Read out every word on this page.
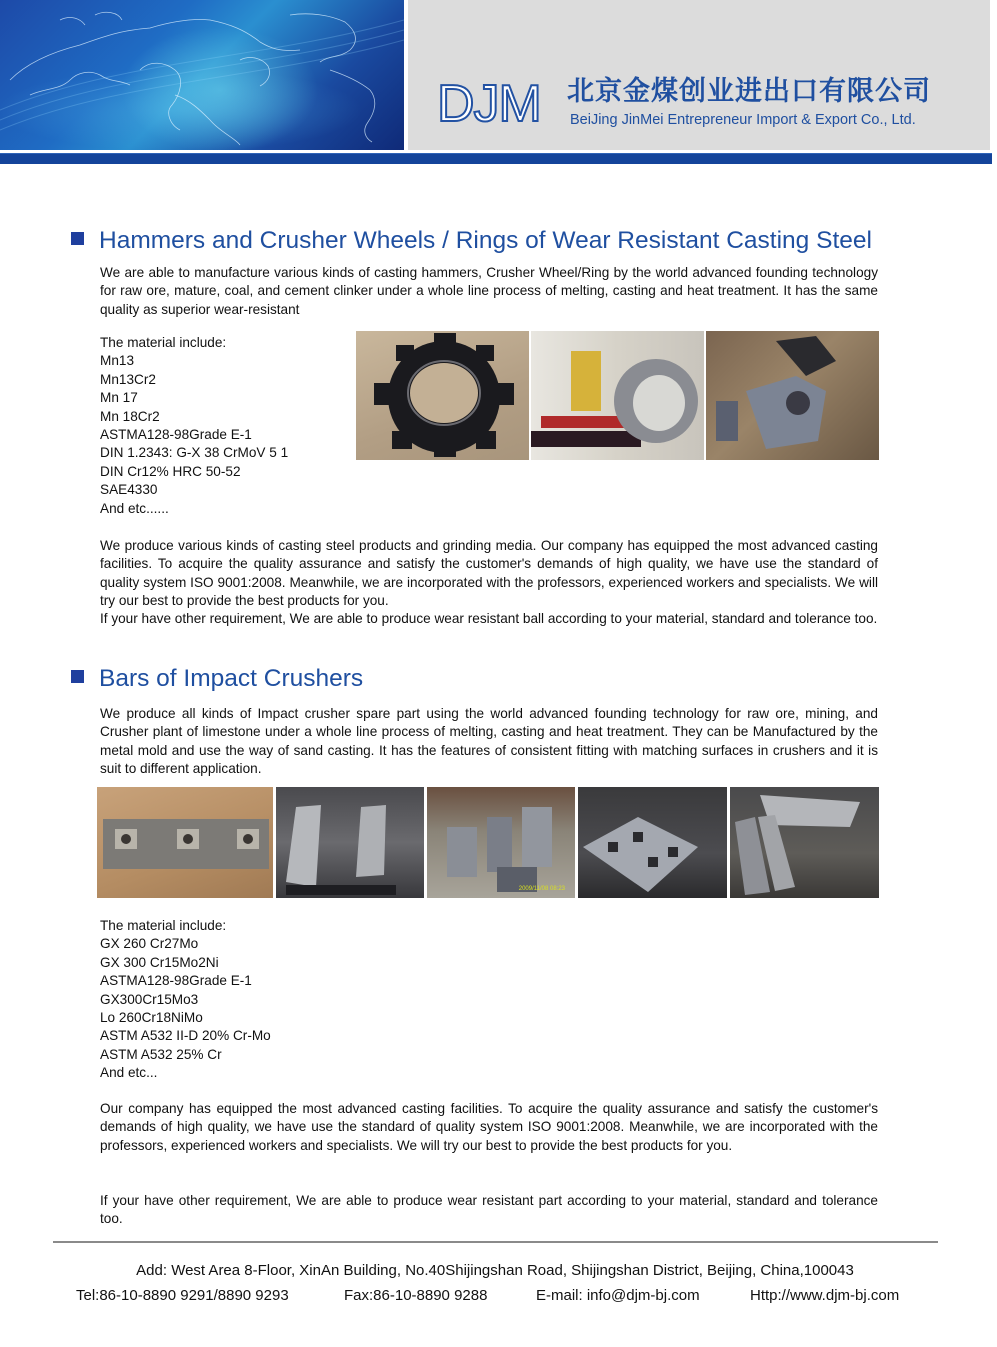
DJM 北京金煤创业进出口有限公司
BeiJing JinMei Entrepreneur Import & Export Co., Ltd.
Hammers and Crusher Wheels / Rings of Wear Resistant Casting Steel
We are able to manufacture various kinds of casting hammers, Crusher Wheel/Ring by the world advanced founding technology for raw ore, mature, coal, and cement clinker under a whole line process of melting, casting and heat treatment. It has the same quality as superior wear-resistant
The material include:
Mn13
Mn13Cr2
Mn 17
Mn 18Cr2
ASTMA128-98Grade E-1
DIN 1.2343: G-X 38 CrMoV 5 1
DIN Cr12% HRC 50-52
SAE4330
And etc......
We produce various kinds of casting steel products and grinding media. Our company has equipped the most advanced casting facilities. To acquire the quality assurance and satisfy the customer's demands of high quality, we have use the standard of quality system ISO 9001:2008. Meanwhile, we are incorporated with the professors, experienced workers and specialists. We will try our best to provide the best products for you.
If your have other requirement, We are able to produce wear resistant ball according to your material, standard and tolerance too.
Bars of Impact Crushers
We produce all kinds of Impact crusher spare part using the world advanced founding technology for raw ore, mining, and Crusher plant of limestone under a whole line process of melting, casting and heat treatment. They can be Manufactured by the metal mold and use the way of sand casting. It has the features of consistent fitting with matching surfaces in crushers and it is suit to different application.
2009/11/08 08:23
The material include:
GX 260 Cr27Mo
GX 300 Cr15Mo2Ni
ASTMA128-98Grade E-1
GX300Cr15Mo3
Lo 260Cr18NiMo
ASTM A532 II-D 20% Cr-Mo
ASTM A532 25% Cr
And etc...
Our company has equipped the most advanced casting facilities. To acquire the quality assurance and satisfy the customer's demands of high quality, we have use the standard of quality system ISO 9001:2008. Meanwhile, we are incorporated with the professors, experienced workers and specialists. We will try our best to provide the best products for you.
If your have other requirement, We are able to produce wear resistant part according to your material, standard and tolerance too.
Add: West Area 8-Floor, XinAn Building, No.40Shijingshan Road, Shijingshan District, Beijing, China,100043
Tel:86-10-8890 9291/8890 9293	Fax:86-10-8890 9288	E-mail: info@djm-bj.com	Http://www.djm-bj.com
